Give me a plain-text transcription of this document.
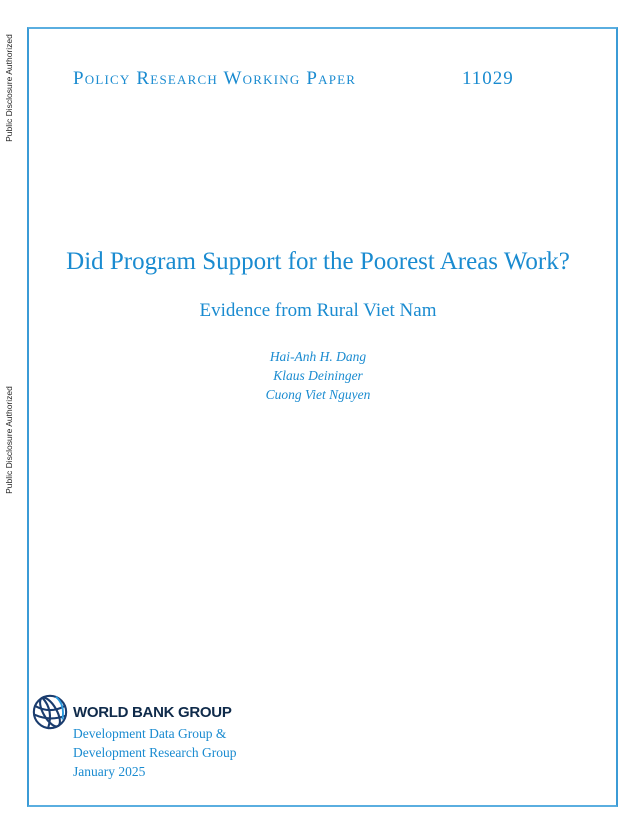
Public Disclosure Authorized
Public Disclosure Authorized
Policy Research Working Paper	11029
Did Program Support for the Poorest Areas Work?
Evidence from Rural Viet Nam
Hai-Anh H. Dang
Klaus Deininger
Cuong Viet Nguyen
WORLD BANK GROUP
Development Data Group &
Development Research Group
January 2025
